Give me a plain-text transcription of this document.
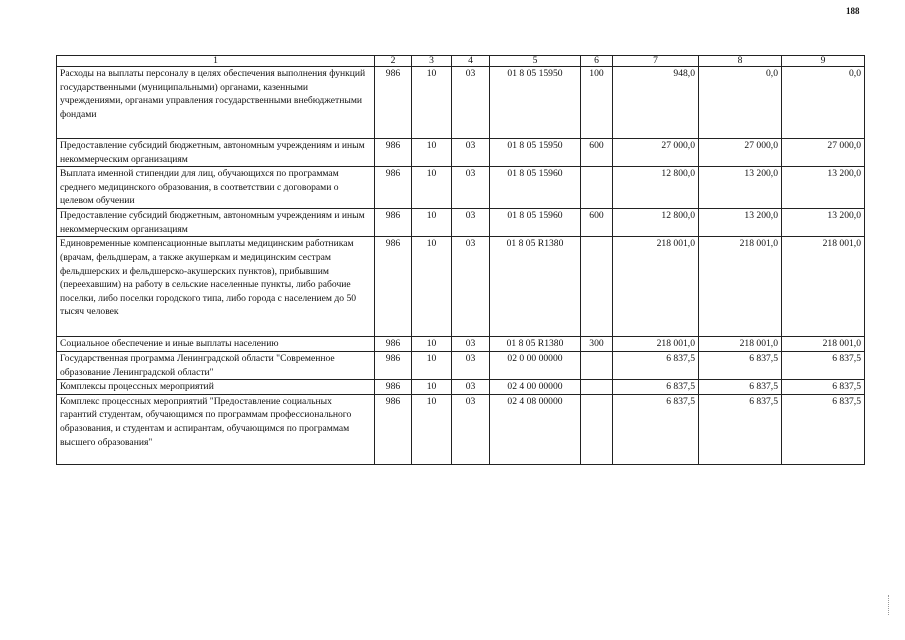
188
1	2	3	4	5	6	7	8	9
Расходы на выплаты персоналу в целях обеспечения выполнения функций государственными (муниципальными) органами, казенными учреждениями, органами управления государственными внебюджетными фондами	986	10	03	01 8 05 15950	100	948,0	0,0	0,0
Предоставление субсидий бюджетным, автономным учреждениям и иным некоммерческим организациям	986	10	03	01 8 05 15950	600	27 000,0	27 000,0	27 000,0
Выплата именной стипендии для лиц, обучающихся по программам среднего медицинского образования, в соответствии с договорами о целевом обучении	986	10	03	01 8 05 15960		12 800,0	13 200,0	13 200,0
Предоставление субсидий бюджетным, автономным учреждениям и иным некоммерческим организациям	986	10	03	01 8 05 15960	600	12 800,0	13 200,0	13 200,0
Единовременные компенсационные выплаты медицинским работникам (врачам, фельдшерам, а также акушеркам и медицинским сестрам фельдшерских и фельдшерско-акушерских пунктов), прибывшим (переехавшим) на работу в сельские населенные пункты, либо рабочие поселки, либо поселки городского типа, либо города с населением до 50 тысяч человек	986	10	03	01 8 05 R1380		218 001,0	218 001,0	218 001,0
Социальное обеспечение и иные выплаты населению	986	10	03	01 8 05 R1380	300	218 001,0	218 001,0	218 001,0
Государственная программа Ленинградской области "Современное образование Ленинградской области"	986	10	03	02 0 00 00000		6 837,5	6 837,5	6 837,5
Комплексы процессных мероприятий	986	10	03	02 4 00 00000		6 837,5	6 837,5	6 837,5
Комплекс процессных мероприятий "Предоставление социальных гарантий студентам, обучающимся по программам профессионального образования, и студентам и аспирантам, обучающимся по программам высшего образования"	986	10	03	02 4 08 00000		6 837,5	6 837,5	6 837,5
